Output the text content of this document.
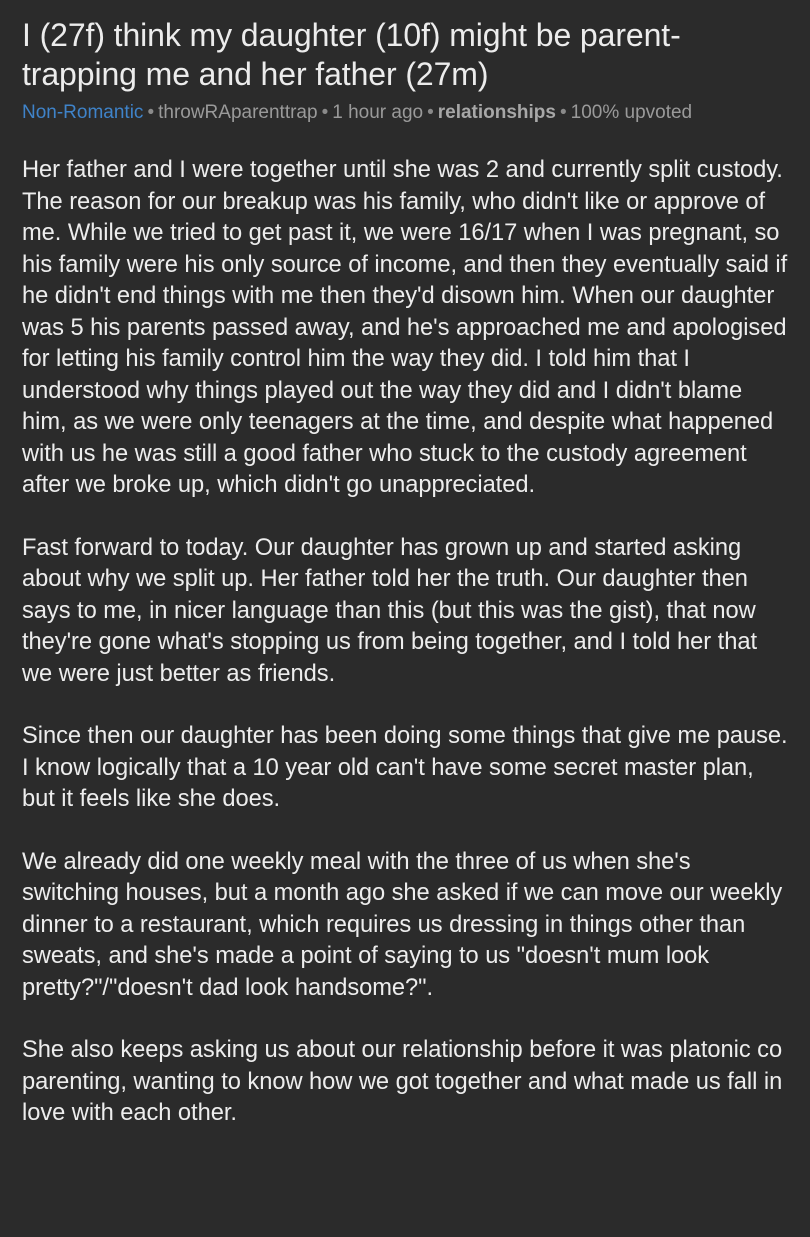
I (27f) think my daughter (10f) might be parent-trapping me and her father (27m)
Non-Romantic • throwRAparenttrap • 1 hour ago • relationships • 100% upvoted

Her father and I were together until she was 2 and currently split custody. The reason for our breakup was his family, who didn't like or approve of me. While we tried to get past it, we were 16/17 when I was pregnant, so his family were his only source of income, and then they eventually said if he didn't end things with me then they'd disown him. When our daughter was 5 his parents passed away, and he's approached me and apologised for letting his family control him the way they did. I told him that I understood why things played out the way they did and I didn't blame him, as we were only teenagers at the time, and despite what happened with us he was still a good father who stuck to the custody agreement after we broke up, which didn't go unappreciated.

Fast forward to today. Our daughter has grown up and started asking about why we split up. Her father told her the truth. Our daughter then says to me, in nicer language than this (but this was the gist), that now they're gone what's stopping us from being together, and I told her that we were just better as friends.

Since then our daughter has been doing some things that give me pause. I know logically that a 10 year old can't have some secret master plan, but it feels like she does.

We already did one weekly meal with the three of us when she's switching houses, but a month ago she asked if we can move our weekly dinner to a restaurant, which requires us dressing in things other than sweats, and she's made a point of saying to us "doesn't mum look pretty?"/"doesn't dad look handsome?".

She also keeps asking us about our relationship before it was platonic co parenting, wanting to know how we got together and what made us fall in love with each other.
